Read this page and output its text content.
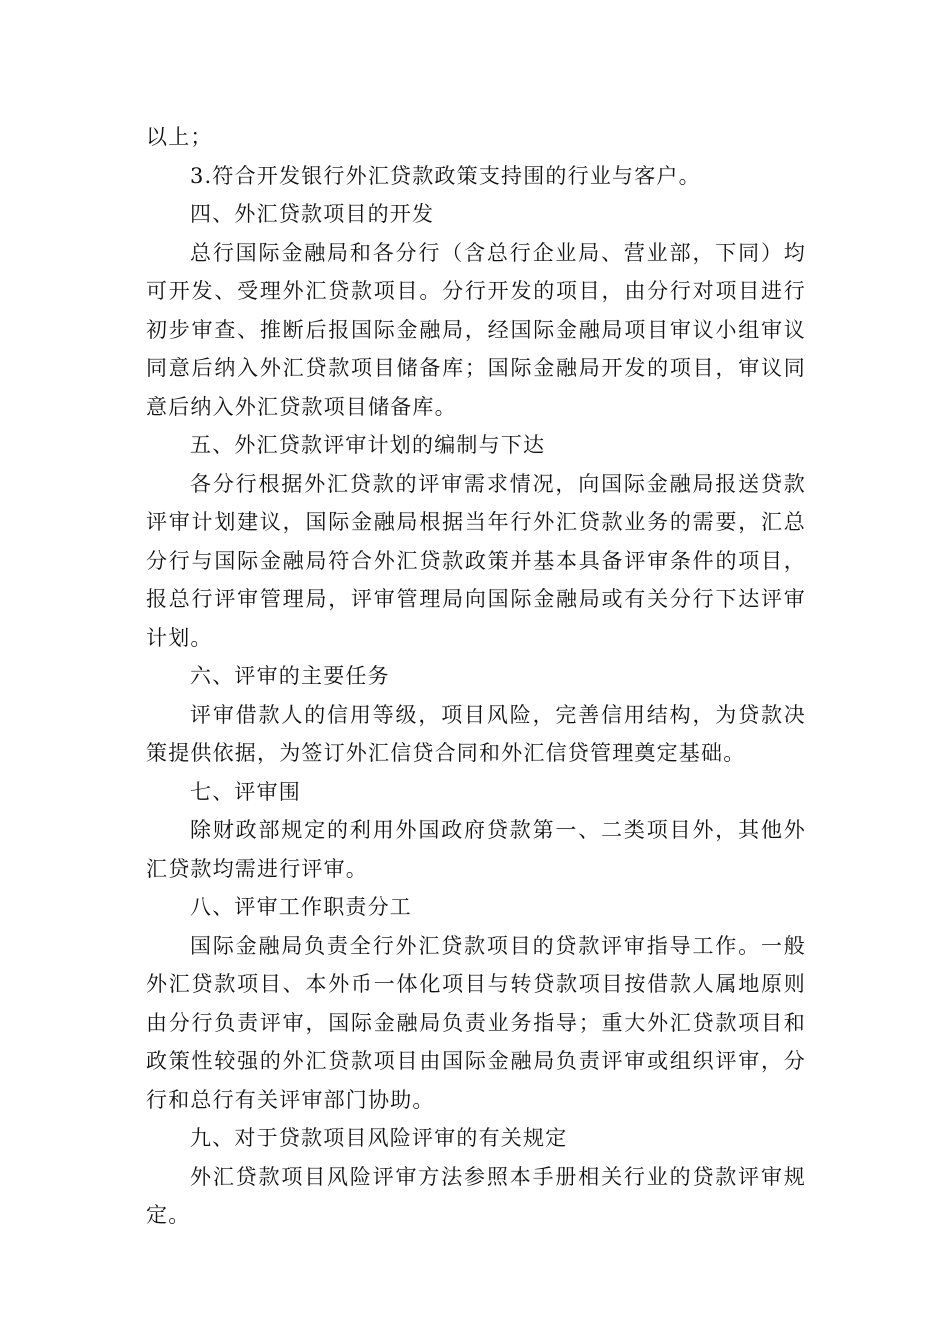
以上；

3.符合开发银行外汇贷款政策支持围的行业与客户。

四、外汇贷款项目的开发

总行国际金融局和各分行（含总行企业局、营业部，下同）均可开发、受理外汇贷款项目。分行开发的项目，由分行对项目进行初步审查、推断后报国际金融局，经国际金融局项目审议小组审议同意后纳入外汇贷款项目储备库；国际金融局开发的项目，审议同意后纳入外汇贷款项目储备库。

五、外汇贷款评审计划的编制与下达

各分行根据外汇贷款的评审需求情况，向国际金融局报送贷款评审计划建议，国际金融局根据当年行外汇贷款业务的需要，汇总分行与国际金融局符合外汇贷款政策并基本具备评审条件的项目，报总行评审管理局，评审管理局向国际金融局或有关分行下达评审计划。

六、评审的主要任务

评审借款人的信用等级，项目风险，完善信用结构，为贷款决策提供依据，为签订外汇信贷合同和外汇信贷管理奠定基础。

七、评审围

除财政部规定的利用外国政府贷款第一、二类项目外，其他外汇贷款均需进行评审。

八、评审工作职责分工

国际金融局负责全行外汇贷款项目的贷款评审指导工作。一般外汇贷款项目、本外币一体化项目与转贷款项目按借款人属地原则由分行负责评审，国际金融局负责业务指导；重大外汇贷款项目和政策性较强的外汇贷款项目由国际金融局负责评审或组织评审，分行和总行有关评审部门协助。

九、对于贷款项目风险评审的有关规定

外汇贷款项目风险评审方法参照本手册相关行业的贷款评审规定。
